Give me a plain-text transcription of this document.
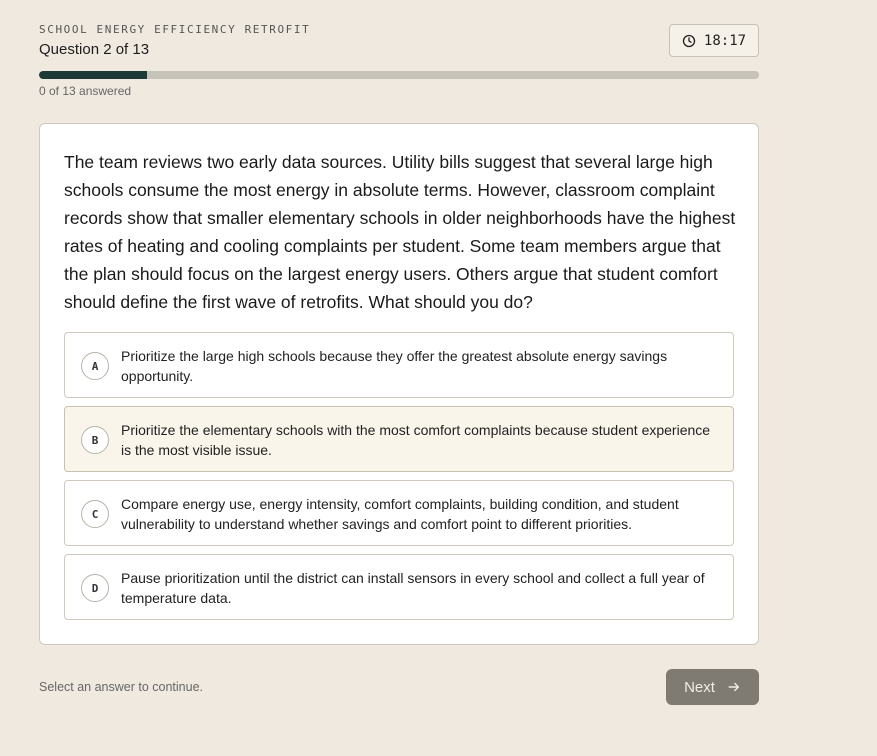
SCHOOL ENERGY EFFICIENCY RETROFIT
Question 2 of 13
18:17
0 of 13 answered
The team reviews two early data sources. Utility bills suggest that several large high schools consume the most energy in absolute terms. However, classroom complaint records show that smaller elementary schools in older neighborhoods have the highest rates of heating and cooling complaints per student. Some team members argue that the plan should focus on the largest energy users. Others argue that student comfort should define the first wave of retrofits. What should you do?
A
Prioritize the large high schools because they offer the greatest absolute energy savings opportunity.
B
Prioritize the elementary schools with the most comfort complaints because student experience is the most visible issue.
C
Compare energy use, energy intensity, comfort complaints, building condition, and student vulnerability to understand whether savings and comfort point to different priorities.
D
Pause prioritization until the district can install sensors in every school and collect a full year of temperature data.
Select an answer to continue.	Next
